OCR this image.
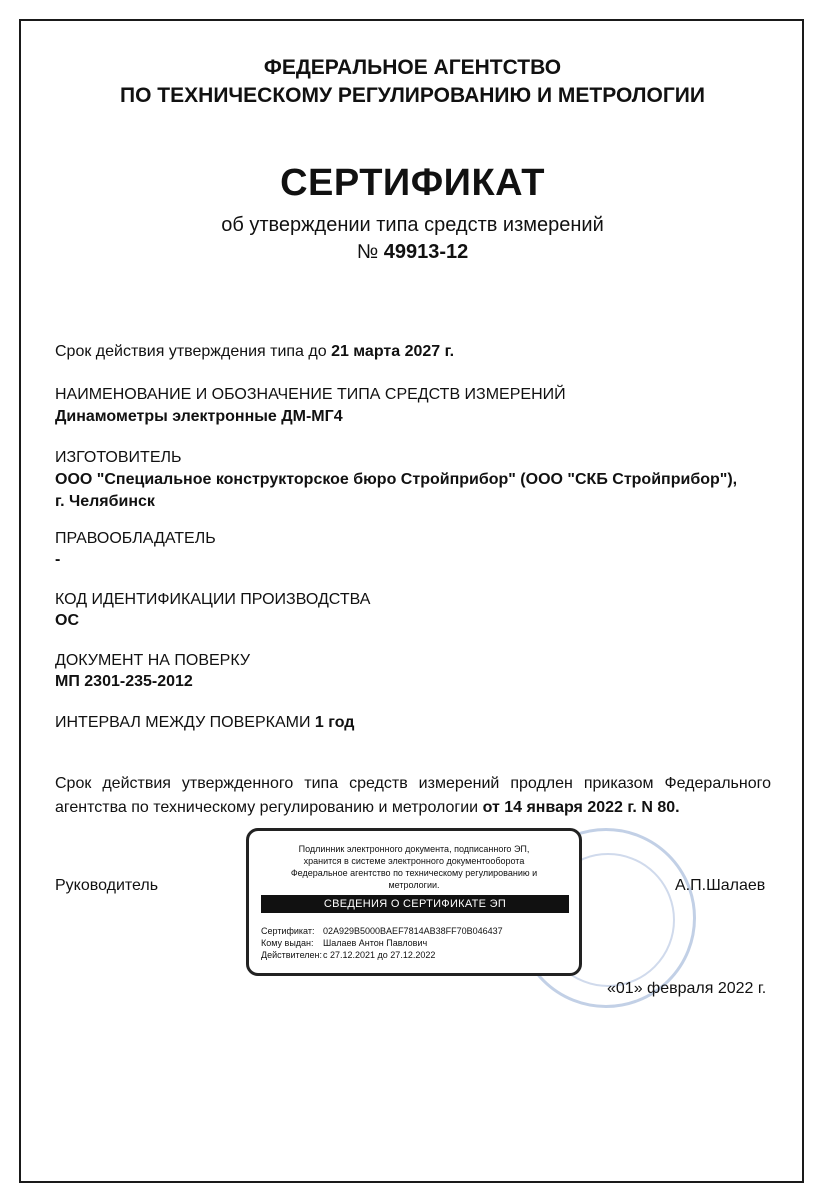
ФЕДЕРАЛЬНОЕ АГЕНТСТВО
ПО ТЕХНИЧЕСКОМУ РЕГУЛИРОВАНИЮ И МЕТРОЛОГИИ
СЕРТИФИКАТ
об утверждении типа средств измерений
№ 49913-12
Срок действия утверждения типа до 21 марта 2027 г.
НАИМЕНОВАНИЕ И ОБОЗНАЧЕНИЕ ТИПА СРЕДСТВ ИЗМЕРЕНИЙ
Динамометры электронные ДМ-МГ4
ИЗГОТОВИТЕЛЬ
ООО "Специальное конструкторское бюро Стройприбор" (ООО "СКБ Стройприбор"),
г. Челябинск
ПРАВООБЛАДАТЕЛЬ
-
КОД ИДЕНТИФИКАЦИИ ПРОИЗВОДСТВА
ОС
ДОКУМЕНТ НА ПОВЕРКУ
МП 2301-235-2012
ИНТЕРВАЛ МЕЖДУ ПОВЕРКАМИ 1 год
Срок действия утвержденного типа средств измерений продлен приказом Федерального агентства по техническому регулированию и метрологии от 14 января 2022 г. N 80.
Руководитель	А.П.Шалаев
Подлинник электронного документа, подписанного ЭП,
хранится в системе электронного документооборота
Федеральное агентство по техническому регулированию и
метрологии.
СВЕДЕНИЯ О СЕРТИФИКАТЕ ЭП
Сертификат: 02A929B5000BAEF7814AB38FF70B046437
Кому выдан: Шалаев Антон Павлович
Действителен:с 27.12.2021 до 27.12.2022
«01» февраля 2022 г.
